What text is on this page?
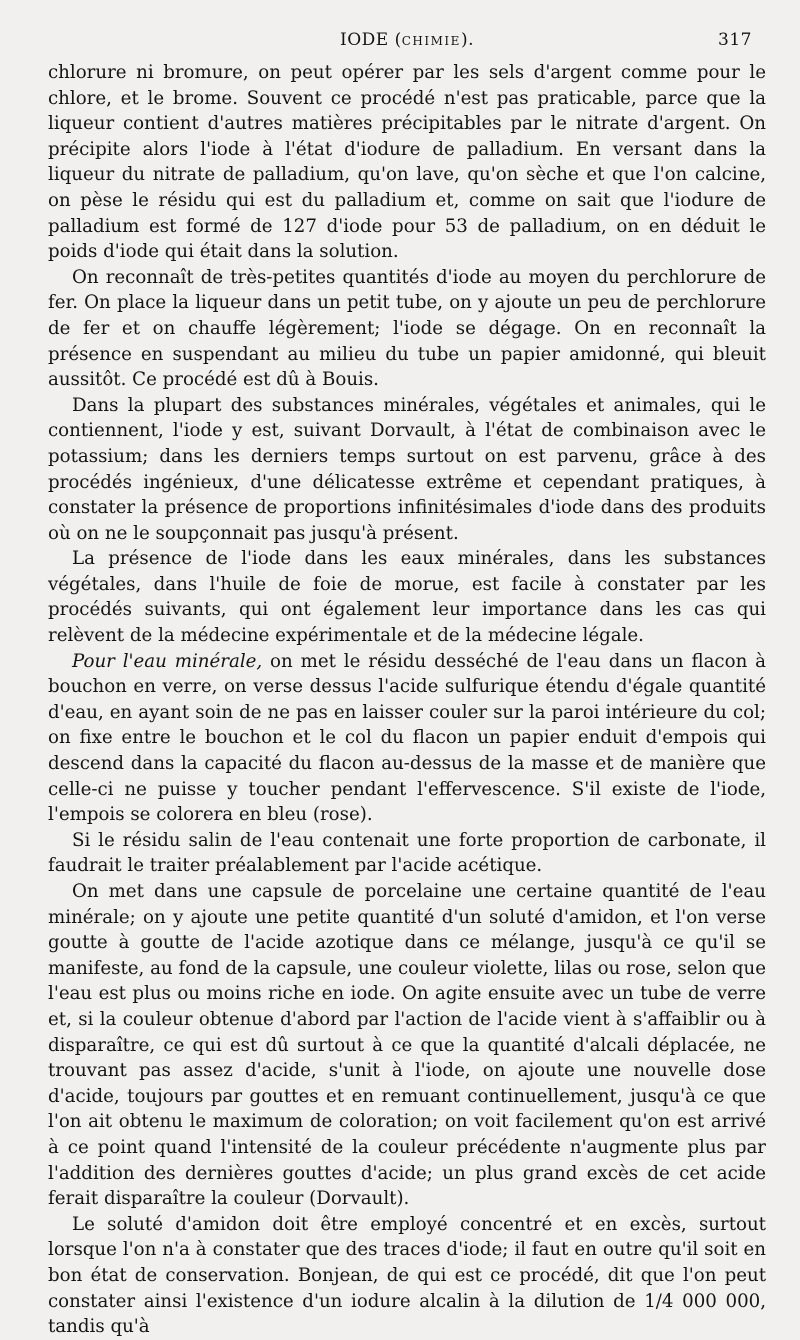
IODE (CHIMIE).	317

chlorure ni bromure, on peut opérer par les sels d'argent comme pour le chlore, et le brome. Souvent ce procédé n'est pas praticable, parce que la liqueur contient d'autres matières précipitables par le nitrate d'argent. On précipite alors l'iode à l'état d'iodure de palladium. En versant dans la liqueur du nitrate de palladium, qu'on lave, qu'on sèche et que l'on calcine, on pèse le résidu qui est du palladium et, comme on sait que l'iodure de palladium est formé de 127 d'iode pour 53 de palladium, on en déduit le poids d'iode qui était dans la solution.

On reconnaît de très-petites quantités d'iode au moyen du perchlorure de fer. On place la liqueur dans un petit tube, on y ajoute un peu de perchlorure de fer et on chauffe légèrement; l'iode se dégage. On en reconnaît la présence en suspendant au milieu du tube un papier amidonné, qui bleuit aussitôt. Ce procédé est dû à Bouis.

Dans la plupart des substances minérales, végétales et animales, qui le contiennent, l'iode y est, suivant Dorvault, à l'état de combinaison avec le potassium; dans les derniers temps surtout on est parvenu, grâce à des procédés ingénieux, d'une délicatesse extrême et cependant pratiques, à constater la présence de proportions infinitésimales d'iode dans des produits où on ne le soupçonnait pas jusqu'à présent.

La présence de l'iode dans les eaux minérales, dans les substances végétales, dans l'huile de foie de morue, est facile à constater par les procédés suivants, qui ont également leur importance dans les cas qui relèvent de la médecine expérimentale et de la médecine légale.

Pour l'eau minérale, on met le résidu desséché de l'eau dans un flacon à bouchon en verre, on verse dessus l'acide sulfurique étendu d'égale quantité d'eau, en ayant soin de ne pas en laisser couler sur la paroi intérieure du col; on fixe entre le bouchon et le col du flacon un papier enduit d'empois qui descend dans la capacité du flacon au-dessus de la masse et de manière que celle-ci ne puisse y toucher pendant l'effervescence. S'il existe de l'iode, l'empois se colorera en bleu (rose).

Si le résidu salin de l'eau contenait une forte proportion de carbonate, il faudrait le traiter préalablement par l'acide acétique.

On met dans une capsule de porcelaine une certaine quantité de l'eau minérale; on y ajoute une petite quantité d'un soluté d'amidon, et l'on verse goutte à goutte de l'acide azotique dans ce mélange, jusqu'à ce qu'il se manifeste, au fond de la capsule, une couleur violette, lilas ou rose, selon que l'eau est plus ou moins riche en iode. On agite ensuite avec un tube de verre et, si la couleur obtenue d'abord par l'action de l'acide vient à s'affaiblir ou à disparaître, ce qui est dû surtout à ce que la quantité d'alcali déplacée, ne trouvant pas assez d'acide, s'unit à l'iode, on ajoute une nouvelle dose d'acide, toujours par gouttes et en remuant continuellement, jusqu'à ce que l'on ait obtenu le maximum de coloration; on voit facilement qu'on est arrivé à ce point quand l'intensité de la couleur précédente n'augmente plus par l'addition des dernières gouttes d'acide; un plus grand excès de cet acide ferait disparaître la couleur (Dorvault).

Le soluté d'amidon doit être employé concentré et en excès, surtout lorsque l'on n'a à constater que des traces d'iode; il faut en outre qu'il soit en bon état de conservation. Bonjean, de qui est ce procédé, dit que l'on peut constater ainsi l'existence d'un iodure alcalin à la dilution de 1/4 000 000, tandis qu'à
